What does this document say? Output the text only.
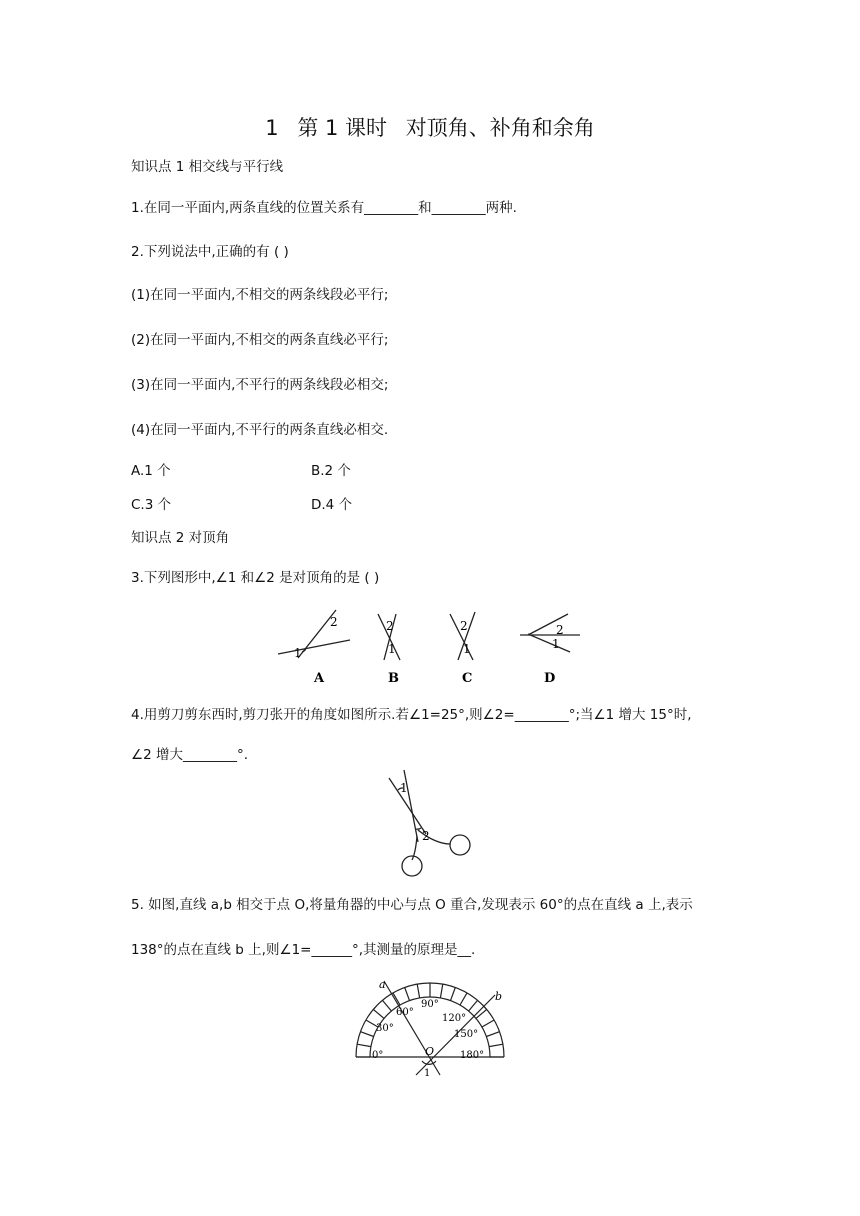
1 第 1 课时 对顶角、补角和余角
知识点 1 相交线与平行线
1.在同一平面内,两条直线的位置关系有________和________两种.
2.下列说法中,正确的有 ( )
(1)在同一平面内,不相交的两条线段必平行;
(2)在同一平面内,不相交的两条直线必平行;
(3)在同一平面内,不平行的两条线段必相交;
(4)在同一平面内,不平行的两条直线必相交.
A.1 个	B.2 个
C.3 个	D.4 个
知识点 2 对顶角
3.下列图形中,∠1 和∠2 是对顶角的是 ( )
2
1
2
1
2
1
2
1
A	B	C	D
4.用剪刀剪东西时,剪刀张开的角度如图所示.若∠1=25°,则∠2=________°;当∠1 增大 15°时,
∠2 增大________°.
1
2
5. 如图,直线 a,b 相交于点 O,将量角器的中心与点 O 重合,发现表示 60°的点在直线 a 上,表示
138°的点在直线 b 上,则∠1=______°,其测量的原理是__.
a
b
O
1
0°
30°
60°
90°
120°
150°
180°
